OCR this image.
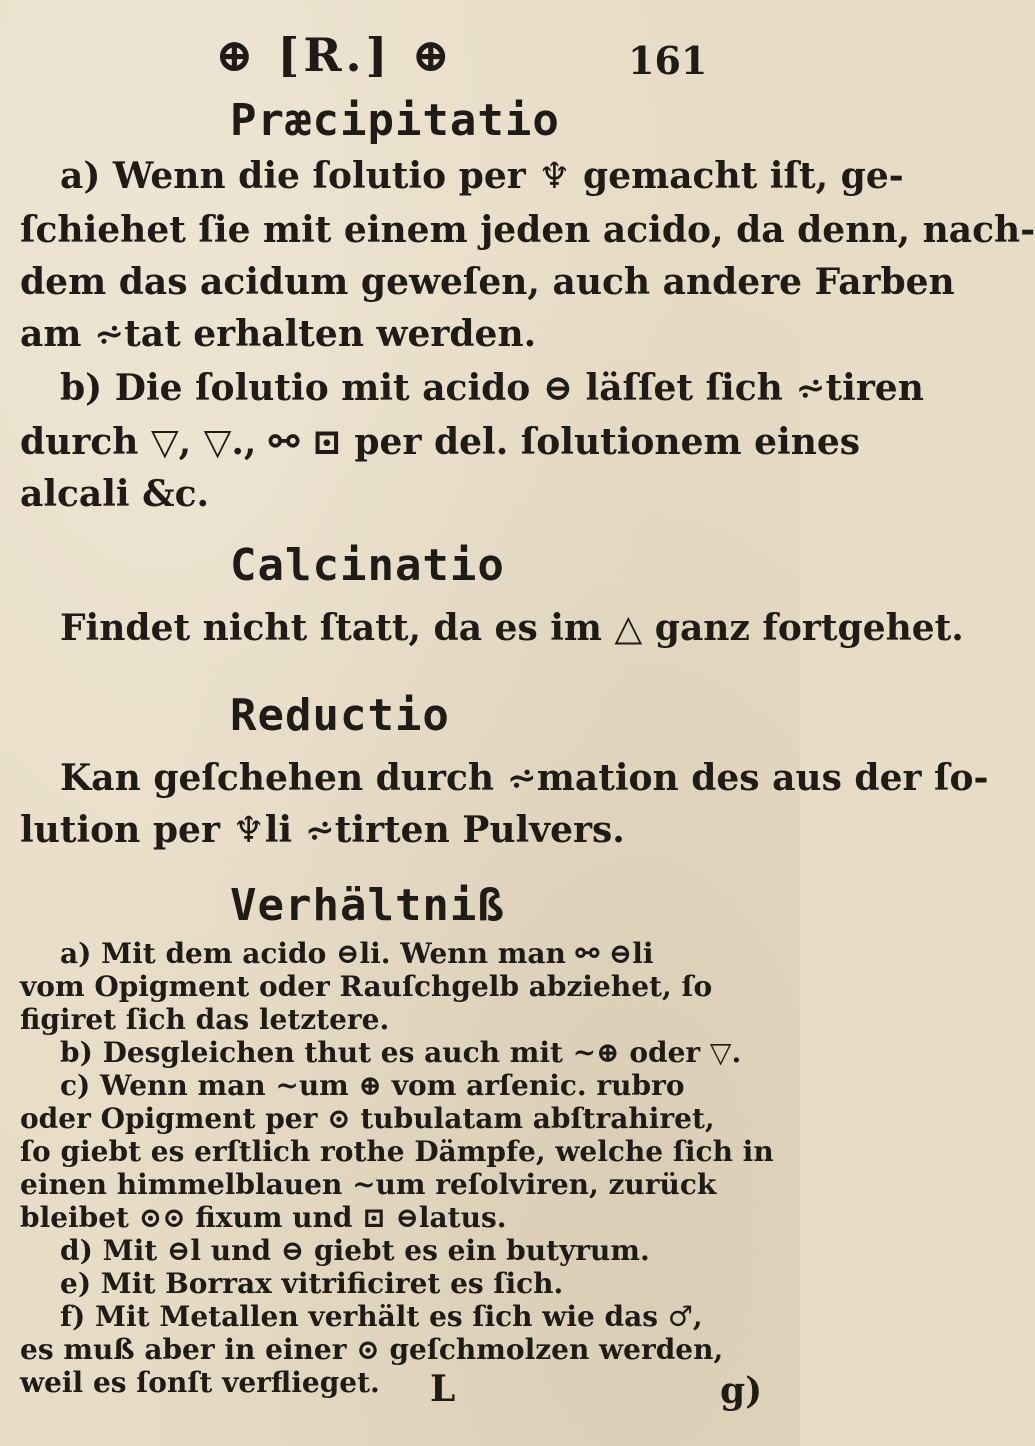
⊕ [R.] ⊕	161
Præcipitatio
a) Wenn die ſolutio per ♆ gemacht iſt, ge-
ſchiehet ſie mit einem jeden acido, da denn, nach-
dem das acidum geweſen, auch andere Farben
am ⩫tat erhalten werden.
b) Die ſolutio mit acido ⊖ läſſet ſich ⩫tiren
durch ▽, ▽., ⚯ ⊡ per del. ſolutionem eines
alcali &c.
Calcinatio
Findet nicht ſtatt, da es im △ ganz fortgehet.
Reductio
Kan geſchehen durch ⩫mation des aus der ſo-
lution per ♆li ⩫tirten Pulvers.
Verhältniß
a) Mit dem acido ⊖li. Wenn man ⚯ ⊖li
vom Opigment oder Rauſchgelb abziehet, ſo
figiret ſich das letztere.
b) Desgleichen thut es auch mit ~⊕ oder ▽.
c) Wenn man ~um ⊕ vom arſenic. rubro
oder Opigment per ⊙ tubulatam abſtrahiret,
ſo giebt es erſtlich rothe Dämpfe, welche ſich in
einen himmelblauen ~um reſolviren, zurück
bleibet ⊙⊙ fixum und ⊡ ⊖latus.
d) Mit ⊖l und ⊖ giebt es ein butyrum.
e) Mit Borrax vitrificiret es ſich.
f) Mit Metallen verhält es ſich wie das ♂,
es muß aber in einer ⊙ geſchmolzen werden,
weil es ſonſt verflieget. L	g)
